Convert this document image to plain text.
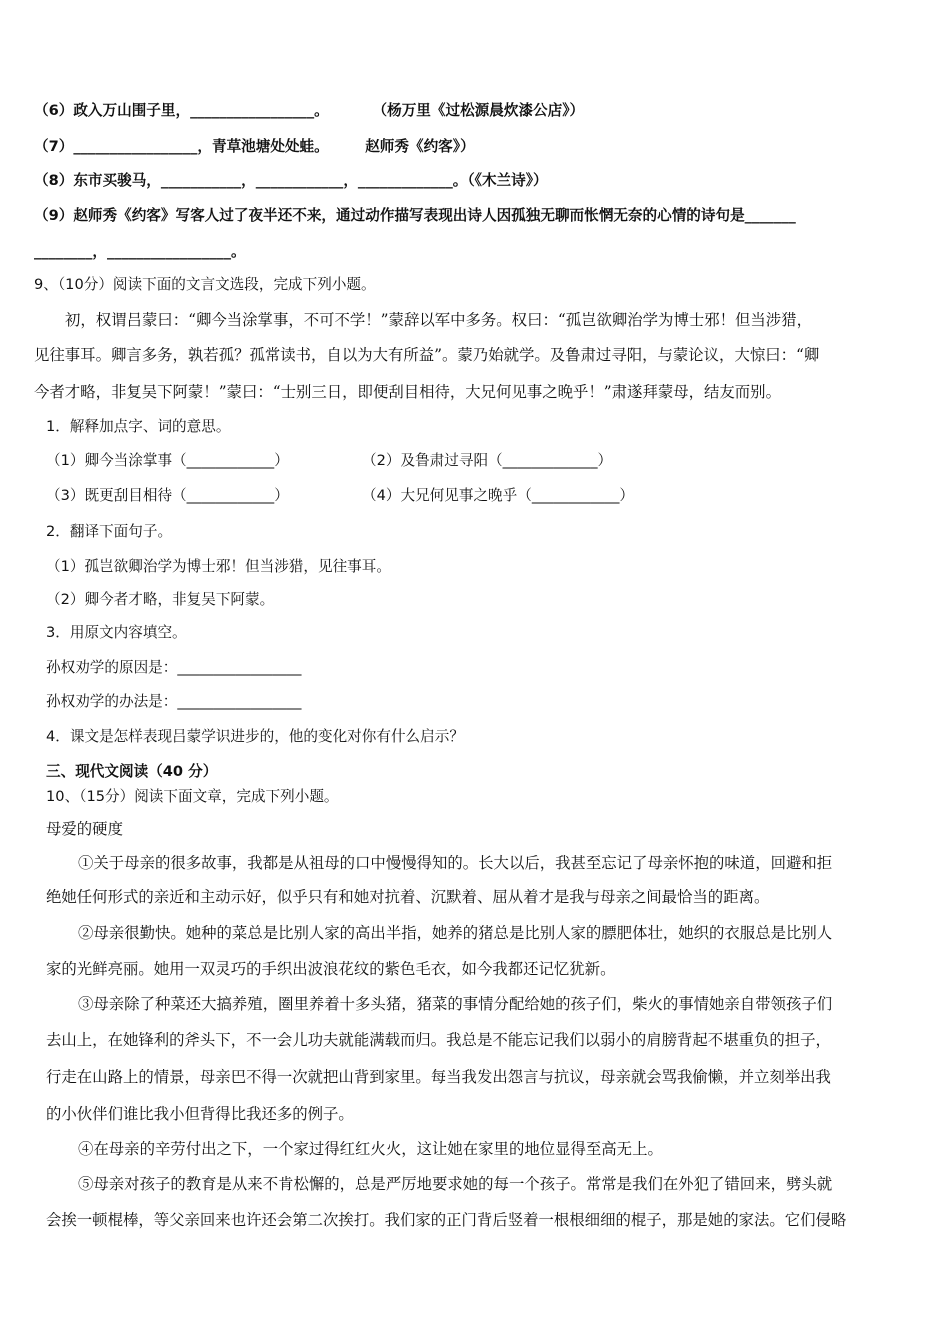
（6）政入万山围子里，_________________。　　　　（杨万里《过松源晨炊漆公店》）
（7）_________________，青草池塘处处蛙。　　　赵师秀《约客》）
（8）东市买骏马，___________，____________，_____________。（《木兰诗》）
（9）赵师秀《约客》写客人过了夜半还不来，通过动作描写表现出诗人因孤独无聊而怅惘无奈的心情的诗句是_______
________，_________________。
9、（10分）阅读下面的文言文选段，完成下列小题。
初，权谓吕蒙曰：“卿今当涂掌事，不可不学！”蒙辞以军中多务。权曰：“孤岂欲卿治学为博士邪！但当涉猎，
见往事耳。卿言多务，孰若孤？孤常读书，自以为大有所益”。蒙乃始就学。及鲁肃过寻阳，与蒙论议，大惊曰：“卿
今者才略，非复吴下阿蒙！”蒙曰：“士别三日，即便刮目相待，大兄何见事之晚乎！”肃遂拜蒙母，结友而别。
1．解释加点字、词的意思。
（1）卿今当涂掌事（____________）	（2）及鲁肃过寻阳（_____________）
（3）既更刮目相待（____________）	（4）大兄何见事之晚乎（____________）
2．翻译下面句子。
（1）孤岂欲卿治学为博士邪！但当涉猎，见往事耳。
（2）卿今者才略，非复吴下阿蒙。
3．用原文内容填空。
孙权劝学的原因是：_________________
孙权劝学的办法是：_________________
4．课文是怎样表现吕蒙学识进步的，他的变化对你有什么启示？
三、现代文阅读（40 分）
10、（15分）阅读下面文章，完成下列小题。
母爱的硬度
①关于母亲的很多故事，我都是从祖母的口中慢慢得知的。长大以后，我甚至忘记了母亲怀抱的味道，回避和拒
绝她任何形式的亲近和主动示好，似乎只有和她对抗着、沉默着、屈从着才是我与母亲之间最恰当的距离。
②母亲很勤快。她种的菜总是比别人家的高出半指，她养的猪总是比别人家的膘肥体壮，她织的衣服总是比别人
家的光鲜亮丽。她用一双灵巧的手织出波浪花纹的紫色毛衣，如今我都还记忆犹新。
③母亲除了种菜还大搞养殖，圈里养着十多头猪，猪菜的事情分配给她的孩子们，柴火的事情她亲自带领孩子们
去山上，在她锋利的斧头下，不一会儿功夫就能满载而归。我总是不能忘记我们以弱小的肩膀背起不堪重负的担子，
行走在山路上的情景，母亲巴不得一次就把山背到家里。每当我发出怨言与抗议，母亲就会骂我偷懒，并立刻举出我
的小伙伴们谁比我小但背得比我还多的例子。
④在母亲的辛劳付出之下，一个家过得红红火火，这让她在家里的地位显得至高无上。
⑤母亲对孩子的教育是从来不肯松懈的，总是严厉地要求她的每一个孩子。常常是我们在外犯了错回来，劈头就
会挨一顿棍棒，等父亲回来也许还会第二次挨打。我们家的正门背后竖着一根根细细的棍子，那是她的家法。它们侵略
